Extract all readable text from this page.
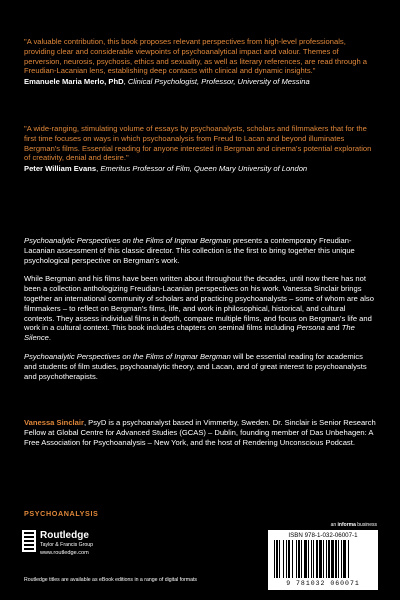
"A valuable contribution, this book proposes relevant perspectives from high-level professionals, providing clear and considerable viewpoints of psychoanalytical impact and valour. Themes of perversion, neurosis, psychosis, ethics and sexuality, as well as literary references, are read through a Freudian-Lacanian lens, establishing deep contacts with clinical and dynamic insights."
Emanuele Maria Merlo, PhD, Clinical Psychologist, Professor, University of Messina
"A wide-ranging, stimulating volume of essays by psychoanalysts, scholars and filmmakers that for the first time focuses on ways in which psychoanalysis from Freud to Lacan and beyond illuminates Bergman's films. Essential reading for anyone interested in Bergman and cinema's potential exploration of creativity, denial and desire."
Peter William Evans, Emeritus Professor of Film, Queen Mary University of London

Psychoanalytic Perspectives on the Films of Ingmar Bergman presents a contemporary Freudian-Lacanian assessment of this classic director. This collection is the first to bring together this unique psychological perspective on Bergman's work.

While Bergman and his films have been written about throughout the decades, until now there has not been a collection anthologizing Freudian-Lacanian perspectives on his work. Vanessa Sinclair brings together an international community of scholars and practicing psychoanalysts – some of whom are also filmmakers – to reflect on Bergman's films, life, and work in philosophical, historical, and cultural contexts. They assess individual films in depth, compare multiple films, and focus on Bergman's life and work in a cultural context. This book includes chapters on seminal films including Persona and The Silence.

Psychoanalytic Perspectives on the Films of Ingmar Bergman will be essential reading for academics and students of film studies, psychoanalytic theory, and Lacan, and of great interest to psychoanalysts and psychotherapists.

Vanessa Sinclair, PsyD is a psychoanalyst based in Vimmerby, Sweden. Dr. Sinclair is Senior Research Fellow at Global Centre for Advanced Studies (GCAS) – Dublin, founding member of Das Unbehagen: A Free Association for Psychoanalysis – New York, and the host of Rendering Unconscious Podcast.
PSYCHOANALYSIS
an informa business
Routledge
Taylor & Francis Group
www.routledge.com
Routledge titles are available as eBook editions in a range of digital formats
ISBN 978-1-032-06007-1
9 781032 060071
